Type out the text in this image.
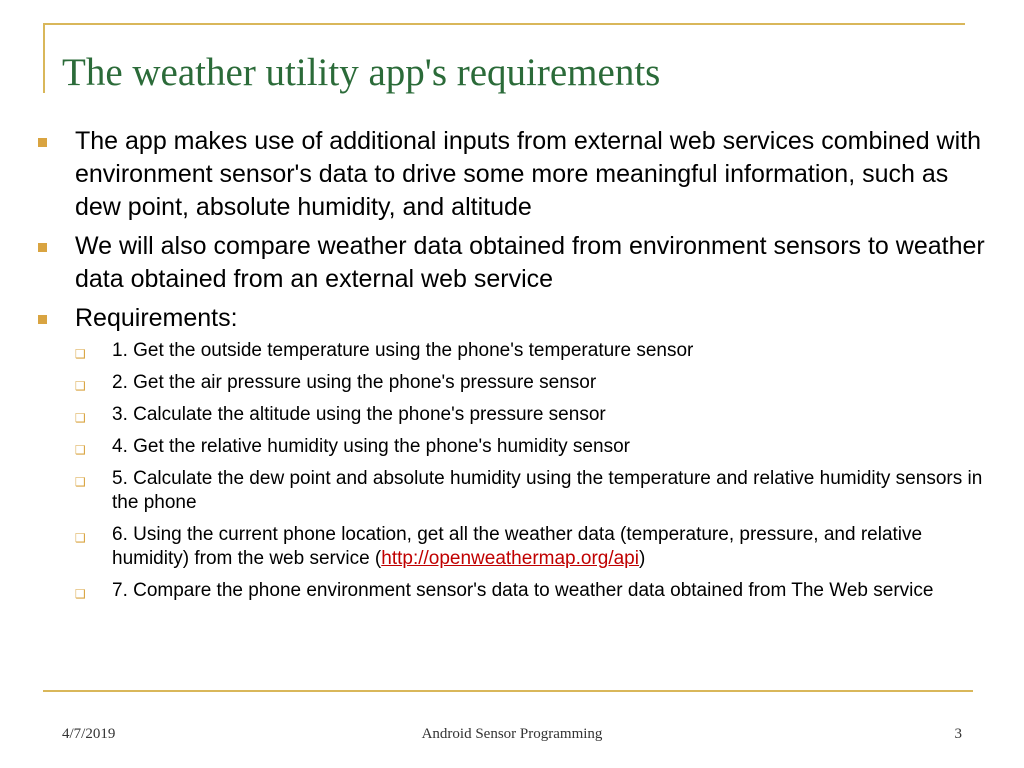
The weather utility app's requirements
The app makes use of additional inputs from external web services combined with environment sensor's data to drive some more meaningful information, such as dew point, absolute humidity, and altitude
We will also compare weather data obtained from environment sensors to weather data obtained from an external web service
Requirements:
❑ 1. Get the outside temperature using the phone's temperature sensor
❑ 2. Get the air pressure using the phone's pressure sensor
❑ 3. Calculate the altitude using the phone's pressure sensor
❑ 4. Get the relative humidity using the phone's humidity sensor
❑ 5. Calculate the dew point and absolute humidity using the temperature and relative humidity sensors in the phone
❑ 6. Using the current phone location, get all the weather data (temperature, pressure, and relative humidity) from the web service (http://openweathermap.org/api)
❑ 7. Compare the phone environment sensor's data to weather data obtained from The Web service
4/7/2019	Android Sensor Programming	3
